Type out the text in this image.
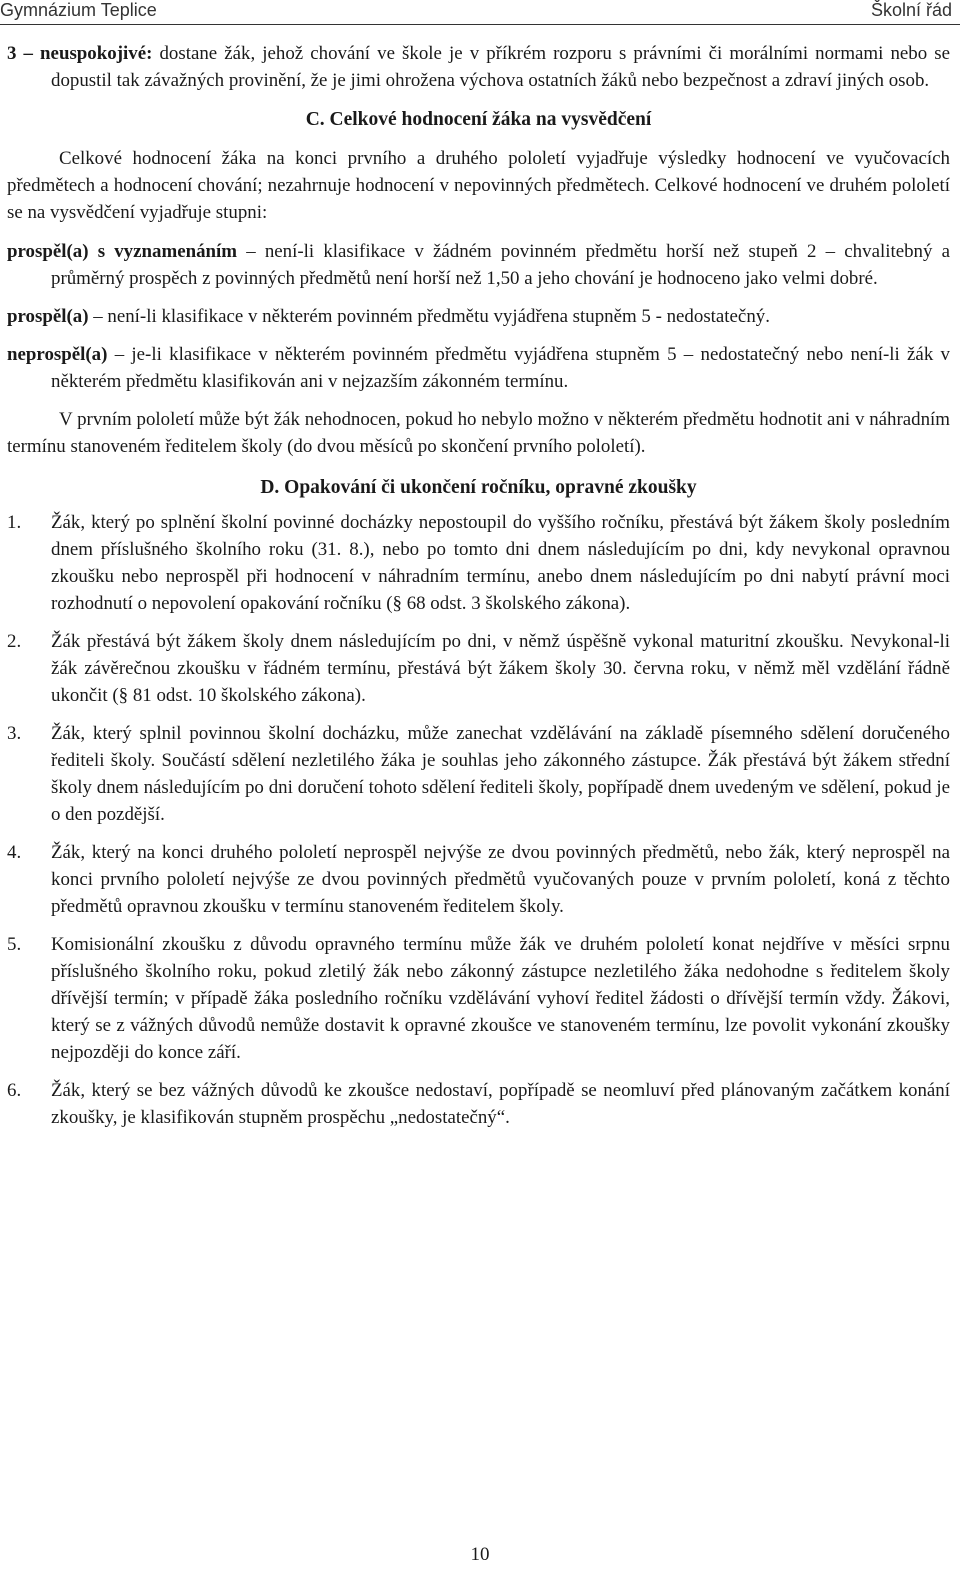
Gymnázium Teplice	Školní řád

3 – neuspokojivé: dostane žák, jehož chování ve škole je v příkrém rozporu s právními či morálními normami nebo se dopustil tak závažných provinění, že je jimi ohrožena výchova ostatních žáků nebo bezpečnost a zdraví jiných osob.

C. Celkové hodnocení žáka na vysvědčení

Celkové hodnocení žáka na konci prvního a druhého pololetí vyjadřuje výsledky hodnocení ve vyučovacích předmětech a hodnocení chování; nezahrnuje hodnocení v nepovinných předmětech. Celkové hodnocení ve druhém pololetí se na vysvědčení vyjadřuje stupni:

prospěl(a) s vyznamenáním – není-li klasifikace v žádném povinném předmětu horší než stupeň 2 – chvalitebný a průměrný prospěch z povinných předmětů není horší než 1,50 a jeho chování je hodnoceno jako velmi dobré.

prospěl(a) – není-li klasifikace v některém povinném předmětu vyjádřena stupněm 5 - nedostatečný.

neprospěl(a) – je-li klasifikace v některém povinném předmětu vyjádřena stupněm 5 – nedostatečný nebo není-li žák v některém předmětu klasifikován ani v nejzazším zákonném termínu.

V prvním pololetí může být žák nehodnocen, pokud ho nebylo možno v některém předmětu hodnotit ani v náhradním termínu stanoveném ředitelem školy (do dvou měsíců po skončení prvního pololetí).

D. Opakování či ukončení ročníku, opravné zkoušky

1. Žák, který po splnění školní povinné docházky nepostoupil do vyššího ročníku, přestává být žákem školy posledním dnem příslušného školního roku (31. 8.), nebo po tomto dni dnem následujícím po dni, kdy nevykonal opravnou zkoušku nebo neprospěl při hodnocení v náhradním termínu, anebo dnem následujícím po dni nabytí právní moci rozhodnutí o nepovolení opakování ročníku (§ 68 odst. 3 školského zákona).
2. Žák přestává být žákem školy dnem následujícím po dni, v němž úspěšně vykonal maturitní zkoušku. Nevykonal-li žák závěrečnou zkoušku v řádném termínu, přestává být žákem školy 30. června roku, v němž měl vzdělání řádně ukončit (§ 81 odst. 10 školského zákona).
3. Žák, který splnil povinnou školní docházku, může zanechat vzdělávání na základě písemného sdělení doručeného řediteli školy. Součástí sdělení nezletilého žáka je souhlas jeho zákonného zástupce. Žák přestává být žákem střední školy dnem následujícím po dni doručení tohoto sdělení řediteli školy, popřípadě dnem uvedeným ve sdělení, pokud je o den pozdější.
4. Žák, který na konci druhého pololetí neprospěl nejvýše ze dvou povinných předmětů, nebo žák, který neprospěl na konci prvního pololetí nejvýše ze dvou povinných předmětů vyučovaných pouze v prvním pololetí, koná z těchto předmětů opravnou zkoušku v termínu stanoveném ředitelem školy.
5. Komisionální zkoušku z důvodu opravného termínu může žák ve druhém pololetí konat nejdříve v měsíci srpnu příslušného školního roku, pokud zletilý žák nebo zákonný zástupce nezletilého žáka nedohodne s ředitelem školy dřívější termín; v případě žáka posledního ročníku vzdělávání vyhoví ředitel žádosti o dřívější termín vždy. Žákovi, který se z vážných důvodů nemůže dostavit k opravné zkoušce ve stanoveném termínu, lze povolit vykonání zkoušky nejpozději do konce září.
6. Žák, který se bez vážných důvodů ke zkoušce nedostaví, popřípadě se neomluví před plánovaným začátkem konání zkoušky, je klasifikován stupněm prospěchu „nedostatečný“.
10
